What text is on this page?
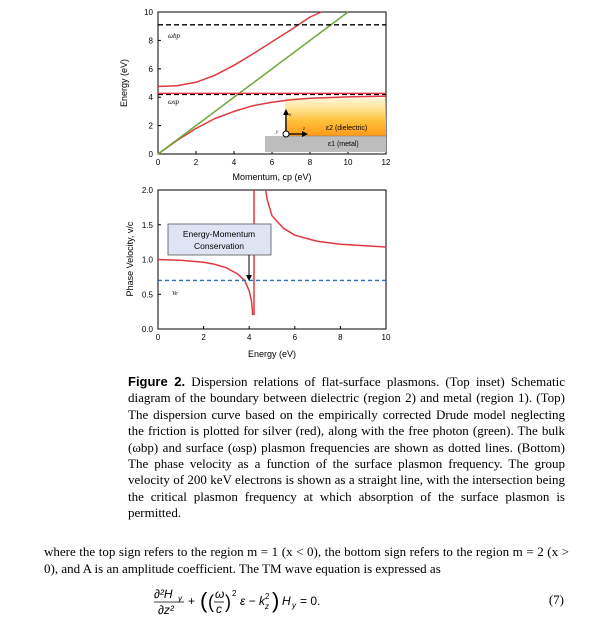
0	2	4	6	8	10	12
0
2
4
6
8
10
z
x
y
ε2 (dielectric)
ε1 (metal)
ωbp
ωsp
Energy (eV)
Momentum, cp (eV)
0	2	4	6	8	10
0.0
0.5
1.0
1.5
2.0
Energy-Momentum
Conservation
Ve
Phase Velocity, v/c
Energy (eV)
Figure 2. Dispersion relations of flat-surface plasmons. (Top inset) Schematic diagram of the boundary between dielectric (region 2) and metal (region 1). (Top) The dispersion curve based on the empirically corrected Drude model neglecting the friction is plotted for silver (red), along with the free photon (green). The bulk (ωbp) and surface (ωsp) plasmon frequencies are shown as dotted lines. (Bottom) The phase velocity as a function of the surface plasmon frequency. The group velocity of 200 keV electrons is shown as a straight line, with the intersection being the critical plasmon frequency at which absorption of the surface plasmon is permitted.
where the top sign refers to the region m = 1 (x < 0), the bottom sign refers to the region m = 2 (x > 0), and A is an amplitude coefficient. The TM wave equation is expressed as
∂²H y
∂z²
+ ( ( ω
c ) 2
ε − k z
2 ) H y = 0.	(7)
